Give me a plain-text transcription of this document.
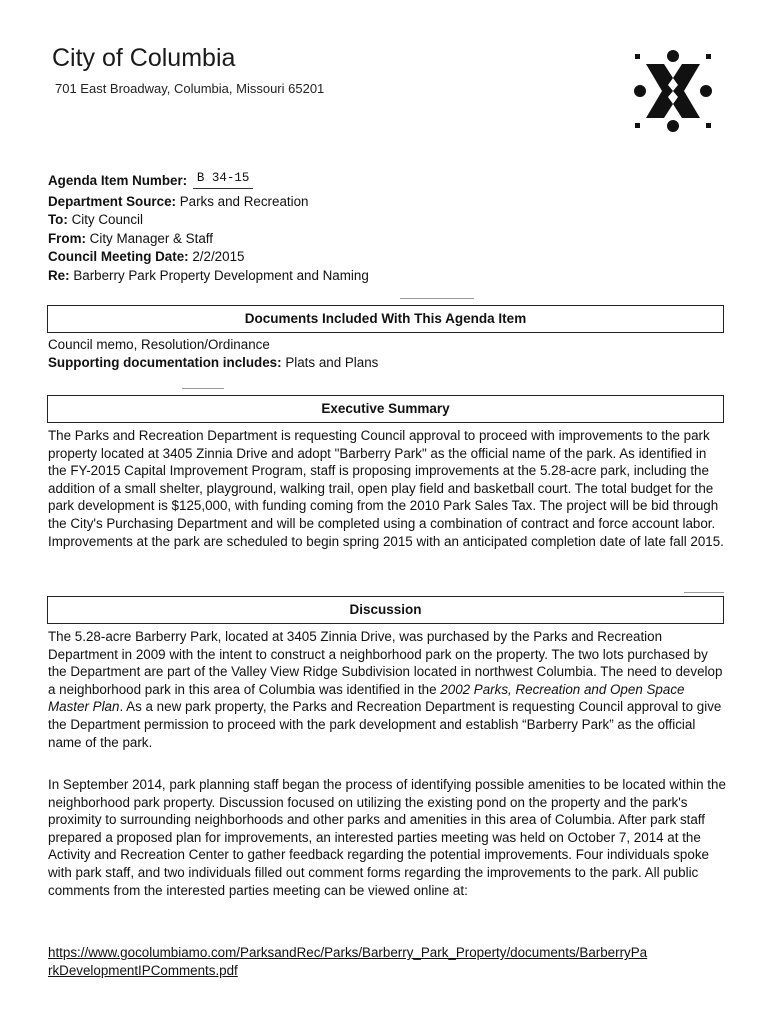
City of Columbia
701 East Broadway, Columbia, Missouri 65201
Agenda Item Number: B 34-15
Department Source: Parks and Recreation
To: City Council
From: City Manager & Staff
Council Meeting Date: 2/2/2015
Re: Barberry Park Property Development and Naming
Documents Included With This Agenda Item
Council memo, Resolution/Ordinance
Supporting documentation includes: Plats and Plans
Executive Summary

The Parks and Recreation Department is requesting Council approval to proceed with improvements to the park property located at 3405 Zinnia Drive and adopt "Barberry Park" as the official name of the park. As identified in the FY-2015 Capital Improvement Program, staff is proposing improvements at the 5.28-acre park, including the addition of a small shelter, playground, walking trail, open play field and basketball court. The total budget for the park development is $125,000, with funding coming from the 2010 Park Sales Tax. The project will be bid through the City's Purchasing Department and will be completed using a combination of contract and force account labor. Improvements at the park are scheduled to begin spring 2015 with an anticipated completion date of late fall 2015.

Discussion

The 5.28-acre Barberry Park, located at 3405 Zinnia Drive, was purchased by the Parks and Recreation Department in 2009 with the intent to construct a neighborhood park on the property. The two lots purchased by the Department are part of the Valley View Ridge Subdivision located in northwest Columbia. The need to develop a neighborhood park in this area of Columbia was identified in the 2002 Parks, Recreation and Open Space Master Plan. As a new park property, the Parks and Recreation Department is requesting Council approval to give the Department permission to proceed with the park development and establish “Barberry Park” as the official name of the park.

In September 2014, park planning staff began the process of identifying possible amenities to be located within the neighborhood park property. Discussion focused on utilizing the existing pond on the property and the park's proximity to surrounding neighborhoods and other parks and amenities in this area of Columbia. After park staff prepared a proposed plan for improvements, an interested parties meeting was held on October 7, 2014 at the Activity and Recreation Center to gather feedback regarding the potential improvements. Four individuals spoke with park staff, and two individuals filled out comment forms regarding the improvements to the park. All public comments from the interested parties meeting can be viewed online at:

https://www.gocolumbiamo.com/ParksandRec/Parks/Barberry_Park_Property/documents/BarberryPa
rkDevelopmentIPComments.pdf
